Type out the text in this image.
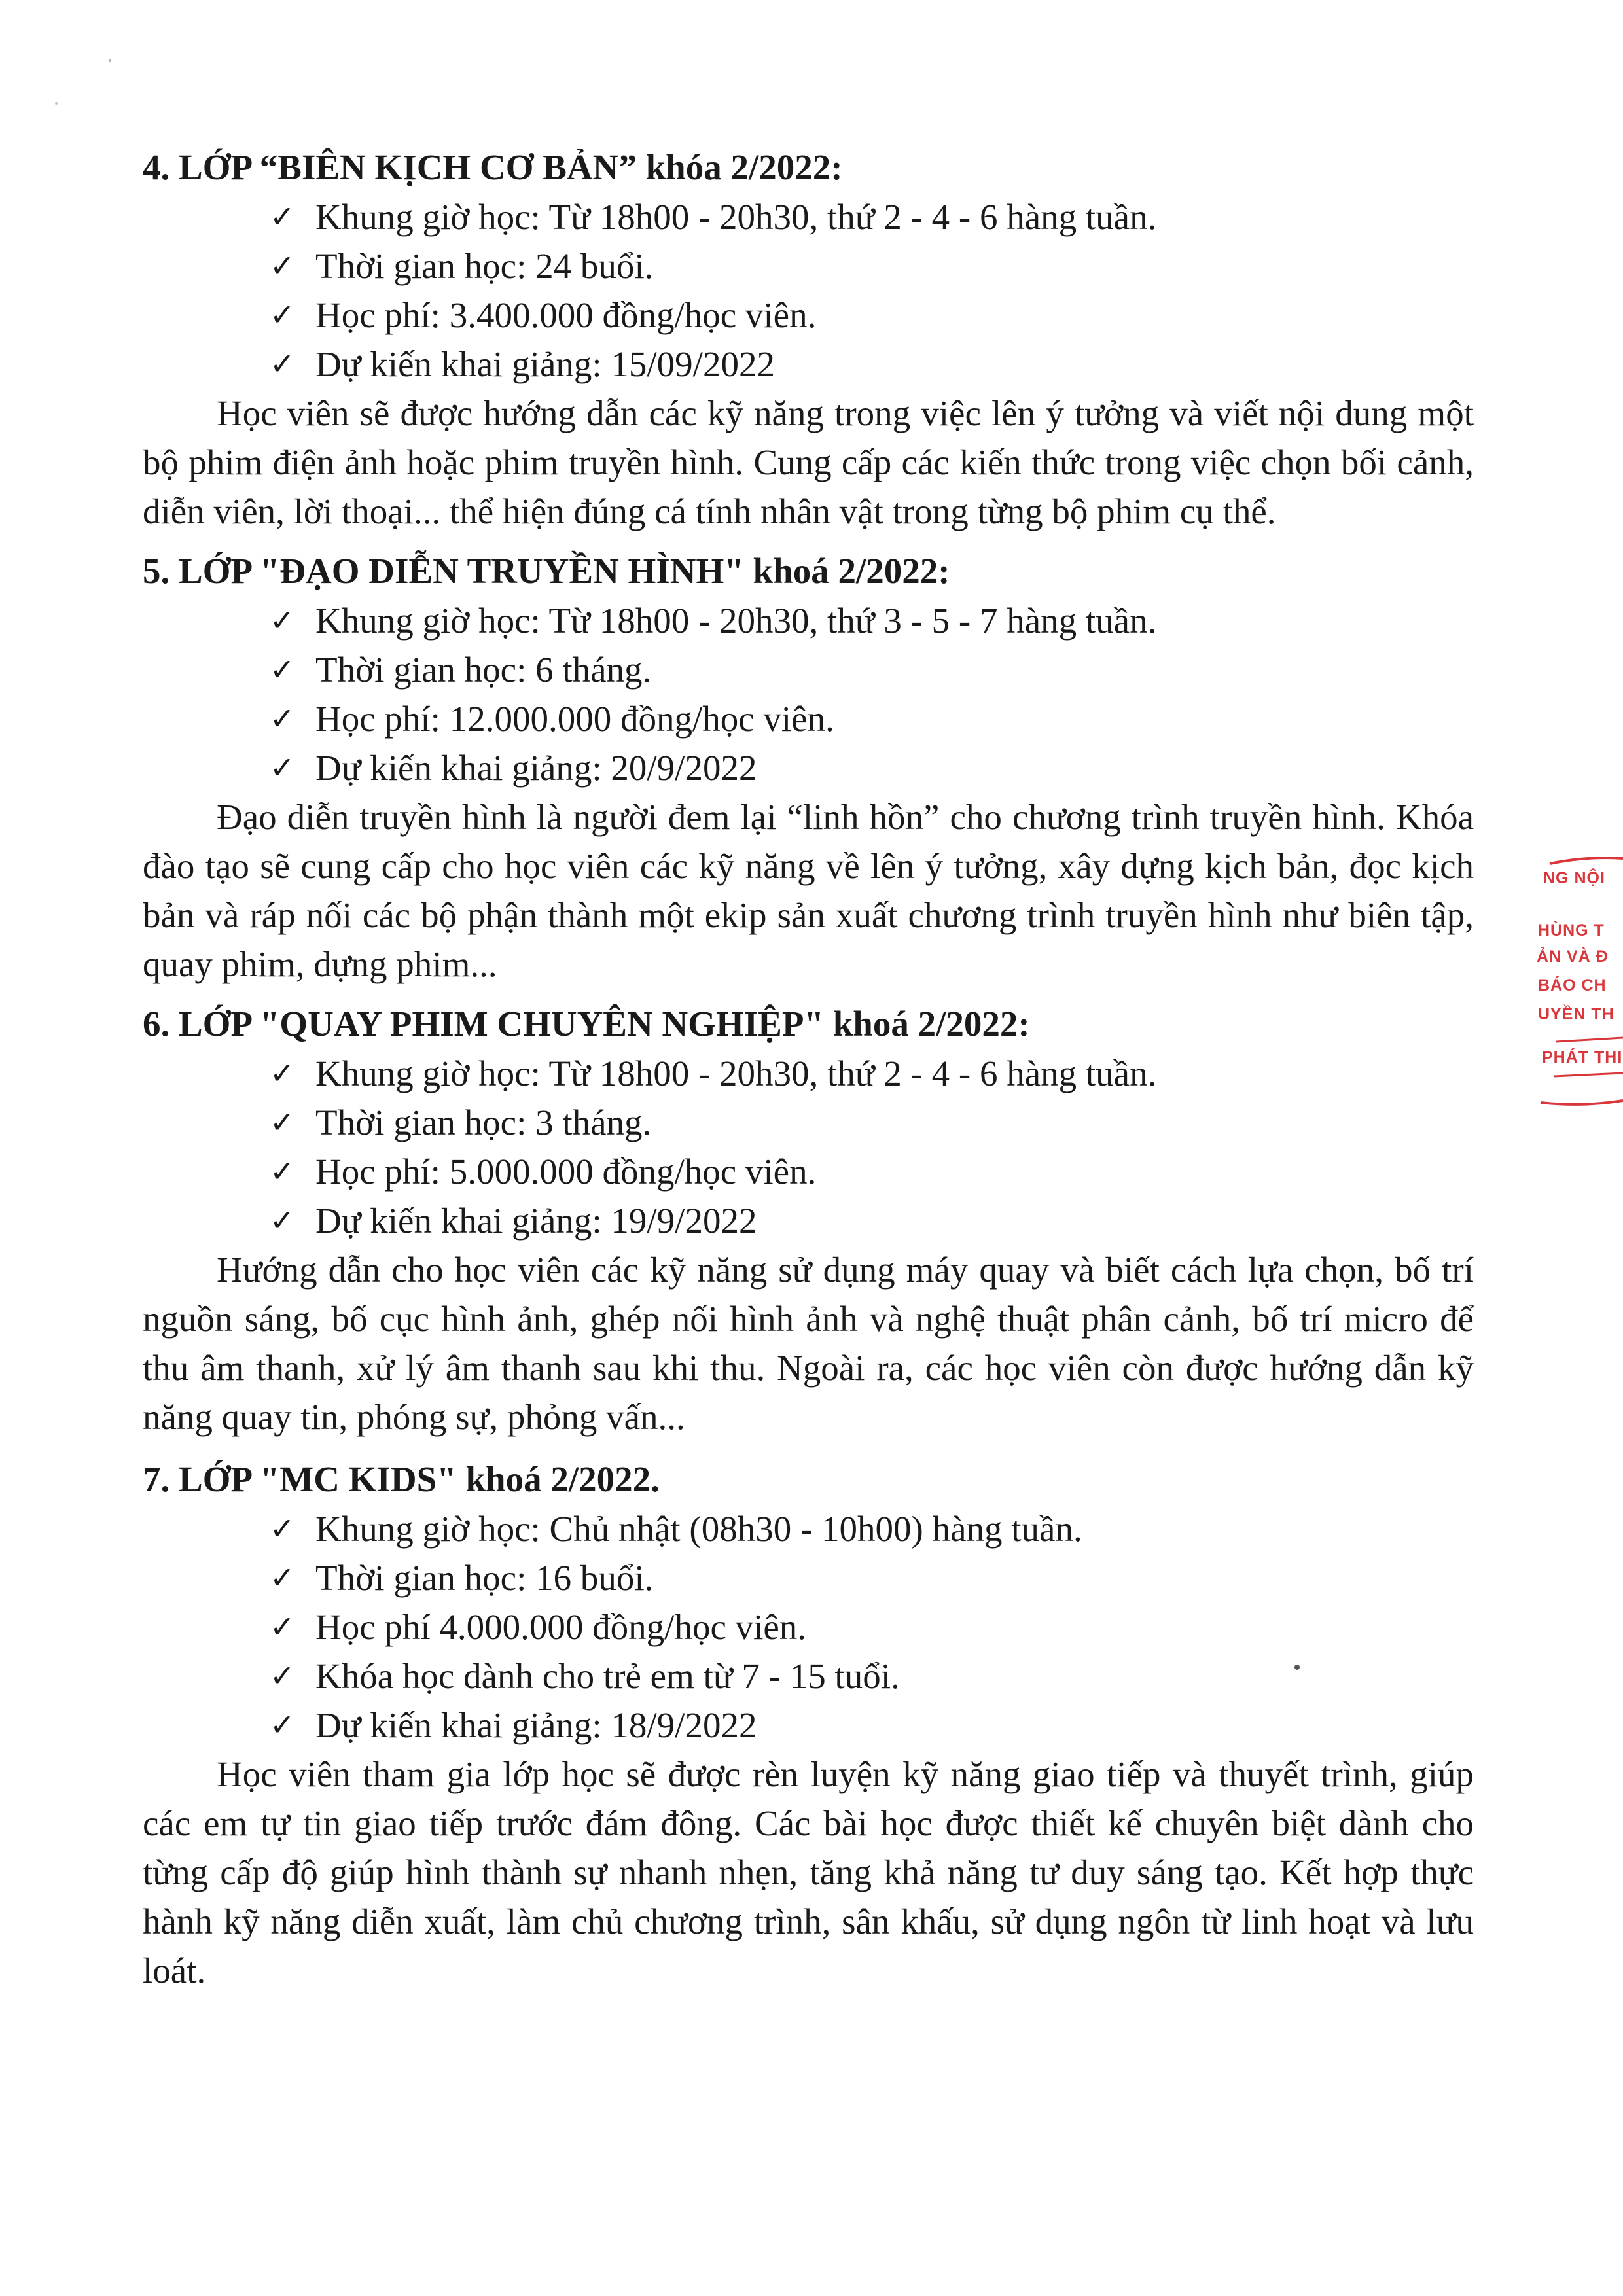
4. LỚP “BIÊN KỊCH CƠ BẢN” khóa 2/2022:
✓ Khung giờ học: Từ 18h00 - 20h30, thứ 2 - 4 - 6 hàng tuần.
✓ Thời gian học: 24 buổi.
✓ Học phí: 3.400.000 đồng/học viên.
✓ Dự kiến khai giảng: 15/09/2022

Học viên sẽ được hướng dẫn các kỹ năng trong việc lên ý tưởng và viết nội dung một bộ phim điện ảnh hoặc phim truyền hình. Cung cấp các kiến thức trong việc chọn bối cảnh, diễn viên, lời thoại... thể hiện đúng cá tính nhân vật trong từng bộ phim cụ thể.

5. LỚP "ĐẠO DIỄN TRUYỀN HÌNH" khoá 2/2022:
✓ Khung giờ học: Từ 18h00 - 20h30, thứ 3 - 5 - 7 hàng tuần.
✓ Thời gian học: 6 tháng.
✓ Học phí: 12.000.000 đồng/học viên.
✓ Dự kiến khai giảng: 20/9/2022

Đạo diễn truyền hình là người đem lại “linh hồn” cho chương trình truyền hình. Khóa đào tạo sẽ cung cấp cho học viên các kỹ năng về lên ý tưởng, xây dựng kịch bản, đọc kịch bản và ráp nối các bộ phận thành một ekip sản xuất chương trình truyền hình như biên tập, quay phim, dựng phim...

6. LỚP "QUAY PHIM CHUYÊN NGHIỆP" khoá 2/2022:
✓ Khung giờ học: Từ 18h00 - 20h30, thứ 2 - 4 - 6 hàng tuần.
✓ Thời gian học: 3 tháng.
✓ Học phí: 5.000.000 đồng/học viên.
✓ Dự kiến khai giảng: 19/9/2022

Hướng dẫn cho học viên các kỹ năng sử dụng máy quay và biết cách lựa chọn, bố trí nguồn sáng, bố cục hình ảnh, ghép nối hình ảnh và nghệ thuật phân cảnh, bố trí micro để thu âm thanh, xử lý âm thanh sau khi thu. Ngoài ra, các học viên còn được hướng dẫn kỹ năng quay tin, phóng sự, phỏng vấn...

7. LỚP "MC KIDS" khoá 2/2022.
✓ Khung giờ học: Chủ nhật (08h30 - 10h00) hàng tuần.
✓ Thời gian học: 16 buổi.
✓ Học phí 4.000.000 đồng/học viên.
✓ Khóa học dành cho trẻ em từ 7 - 15 tuổi.
✓ Dự kiến khai giảng: 18/9/2022

Học viên tham gia lớp học sẽ được rèn luyện kỹ năng giao tiếp và thuyết trình, giúp các em tự tin giao tiếp trước đám đông. Các bài học được thiết kế chuyên biệt dành cho từng cấp độ giúp hình thành sự nhanh nhẹn, tăng khả năng tư duy sáng tạo. Kết hợp thực hành kỹ năng diễn xuất, làm chủ chương trình, sân khấu, sử dụng ngôn từ linh hoạt và lưu loát.

NG NỘI
HÙNG T
ẢN VÀ Đ
BÁO CH
UYỀN TH
PHÁT THI
